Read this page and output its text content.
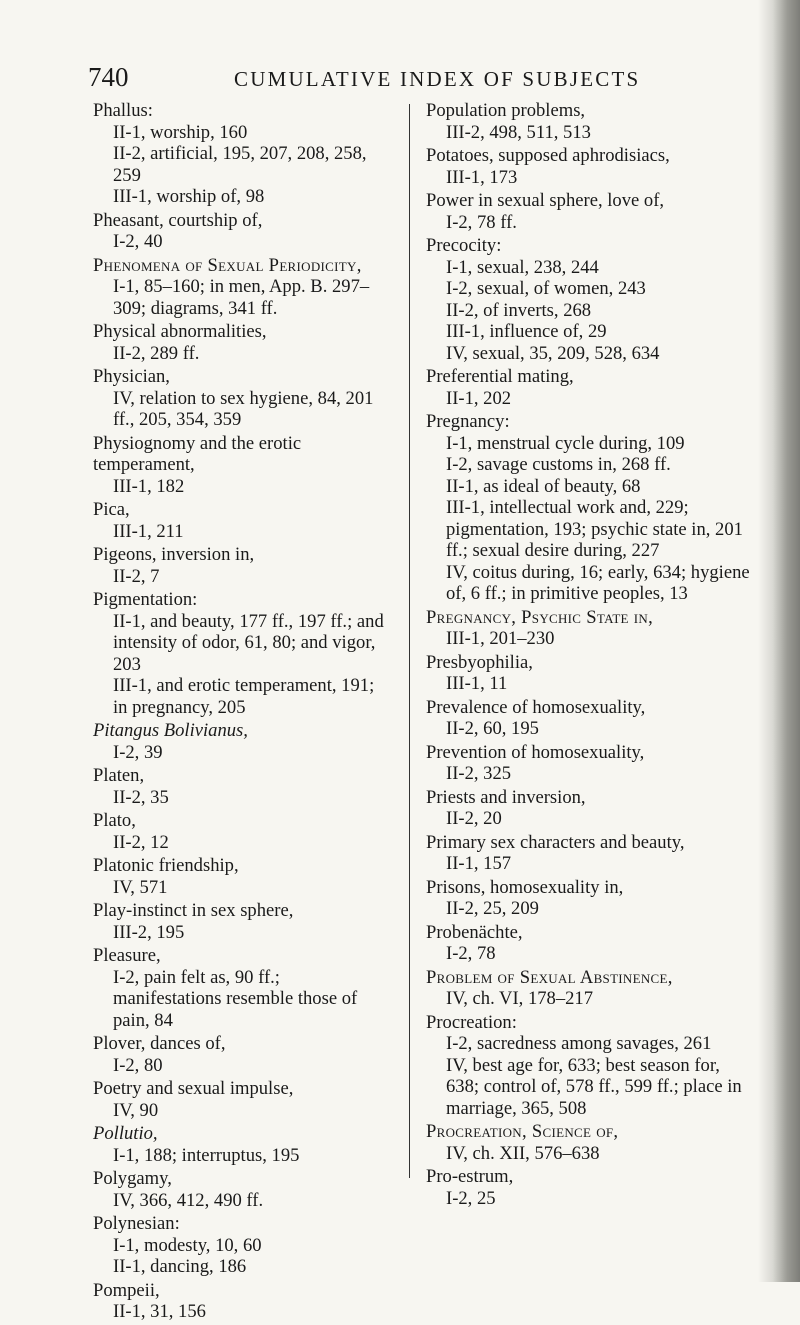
740	CUMULATIVE INDEX OF SUBJECTS
Phallus:
II-1, worship, 160
II-2, artificial, 195, 207, 208, 258, 259
III-1, worship of, 98
Pheasant, courtship of,
I-2, 40
Phenomena of Sexual Periodicity,
I-1, 85–160; in men, App. B. 297–309; diagrams, 341 ff.
Physical abnormalities,
II-2, 289 ff.
Physician,
IV, relation to sex hygiene, 84, 201 ff., 205, 354, 359
Physiognomy and the erotic temperament,
III-1, 182
Pica,
III-1, 211
Pigeons, inversion in,
II-2, 7
Pigmentation:
II-1, and beauty, 177 ff., 197 ff.; and intensity of odor, 61, 80; and vigor, 203
III-1, and erotic temperament, 191; in pregnancy, 205
Pitangus Bolivianus,
I-2, 39
Platen,
II-2, 35
Plato,
II-2, 12
Platonic friendship,
IV, 571
Play-instinct in sex sphere,
III-2, 195
Pleasure,
I-2, pain felt as, 90 ff.; manifestations resemble those of pain, 84
Plover, dances of,
I-2, 80
Poetry and sexual impulse,
IV, 90
Pollutio,
I-1, 188; interruptus, 195
Polygamy,
IV, 366, 412, 490 ff.
Polynesian:
I-1, modesty, 10, 60
II-1, dancing, 186
Pompeii,
II-1, 31, 156
Population problems,
III-2, 498, 511, 513
Potatoes, supposed aphrodisiacs,
III-1, 173
Power in sexual sphere, love of,
I-2, 78 ff.
Precocity:
I-1, sexual, 238, 244
I-2, sexual, of women, 243
II-2, of inverts, 268
III-1, influence of, 29
IV, sexual, 35, 209, 528, 634
Preferential mating,
II-1, 202
Pregnancy:
I-1, menstrual cycle during, 109
I-2, savage customs in, 268 ff.
II-1, as ideal of beauty, 68
III-1, intellectual work and, 229; pigmentation, 193; psychic state in, 201 ff.; sexual desire during, 227
IV, coitus during, 16; early, 634; hygiene of, 6 ff.; in primitive peoples, 13
Pregnancy, Psychic State in,
III-1, 201–230
Presbyophilia,
III-1, 11
Prevalence of homosexuality,
II-2, 60, 195
Prevention of homosexuality,
II-2, 325
Priests and inversion,
II-2, 20
Primary sex characters and beauty,
II-1, 157
Prisons, homosexuality in,
II-2, 25, 209
Probenächte,
I-2, 78
Problem of Sexual Abstinence,
IV, ch. VI, 178–217
Procreation:
I-2, sacredness among savages, 261
IV, best age for, 633; best season for, 638; control of, 578 ff., 599 ff.; place in marriage, 365, 508
Procreation, Science of,
IV, ch. XII, 576–638
Pro-estrum,
I-2, 25
